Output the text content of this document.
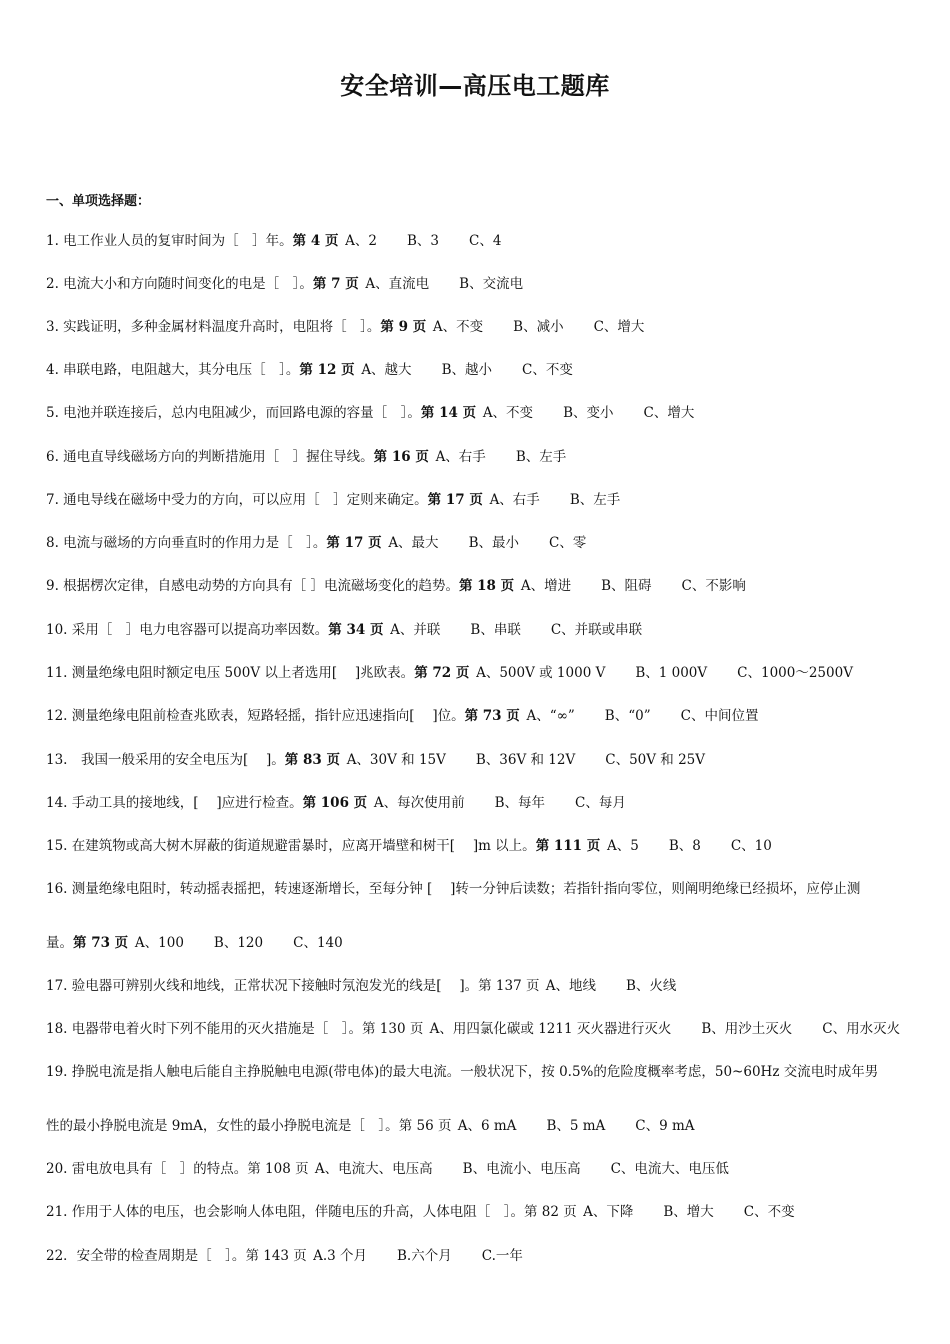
安全培训—高压电工题库
一、单项选择题：
1. 电工作业人员的复审时间为［　］年。第 4 页 A、2 B、3 C、4
2. 电流大小和方向随时间变化的电是［　］。第 7 页 A、直流电 B、交流电
3. 实践证明，多种金属材料温度升高时，电阻将［　］。第 9 页 A、不变 B、减小 C、增大
4. 串联电路，电阻越大，其分电压［　］。第 12 页 A、越大 B、越小 C、不变
5. 电池并联连接后，总内电阻减少，而回路电源的容量［　］。第 14 页 A、不变 B、变小 C、增大
6. 通电直导线磁场方向的判断措施用［　］握住导线。第 16 页 A、右手 B、左手
7. 通电导线在磁场中受力的方向，可以应用［　］定则来确定。第 17 页 A、右手 B、左手
8. 电流与磁场的方向垂直时的作用力是［　］。第 17 页 A、最大 B、最小 C、零
9. 根据楞次定律，自感电动势的方向具有［ ］电流磁场变化的趋势。第 18 页 A、增进 B、阻碍 C、不影响
10. 采用［　］电力电容器可以提高功率因数。第 34 页 A、并联 B、串联 C、并联或串联
11. 测量绝缘电阻时额定电压 500V 以上者选用[　 ]兆欧表。第 72 页 A、500V 或 1000 V B、1 000V C、1000～2500V
12. 测量绝缘电阻前检查兆欧表，短路轻摇，指针应迅速指向[　 ]位。第 73 页 A、“∞” B、“0” C、中间位置
13.　我国一般采用的安全电压为[　 ]。第 83 页 A、30V 和 15V B、36V 和 12V C、50V 和 25V
14. 手动工具的接地线，[　 ]应进行检查。第 106 页 A、每次使用前 B、每年 C、每月
15. 在建筑物或高大树木屏蔽的街道规避雷暴时，应离开墙壁和树干[　 ]m 以上。第 111 页 A、5 B、8 C、10
16. 测量绝缘电阻时，转动摇表摇把，转速逐渐增长，至每分钟 [　 ]转一分钟后读数；若指针指向零位，则阐明绝缘已经损坏，应停止测
量。第 73 页 A、100 B、120 C、140
17. 验电器可辨别火线和地线，正常状况下接触时氖泡发光的线是[　 ]。第 137 页 A、地线 B、火线
18. 电器带电着火时下列不能用的灭火措施是［　］。第 130 页 A、用四氯化碳或 1211 灭火器进行灭火 B、用沙土灭火 C、用水灭火
19. 挣脱电流是指人触电后能自主挣脱触电电源(带电体)的最大电流。一般状况下，按 0.5%的危险度概率考虑，50~60Hz 交流电时成年男
性的最小挣脱电流是 9mA，女性的最小挣脱电流是［　］。第 56 页 A、6 mA B、5 mA C、9 mA
20. 雷电放电具有［　］的特点。第 108 页 A、电流大、电压高 B、电流小、电压高 C、电流大、电压低
21. 作用于人体的电压，也会影响人体电阻，伴随电压的升高，人体电阻［　］。第 82 页 A、下降 B、增大 C、不变
22．安全带的检查周期是［　］。第 143 页 A.3 个月 B.六个月 C.一年
